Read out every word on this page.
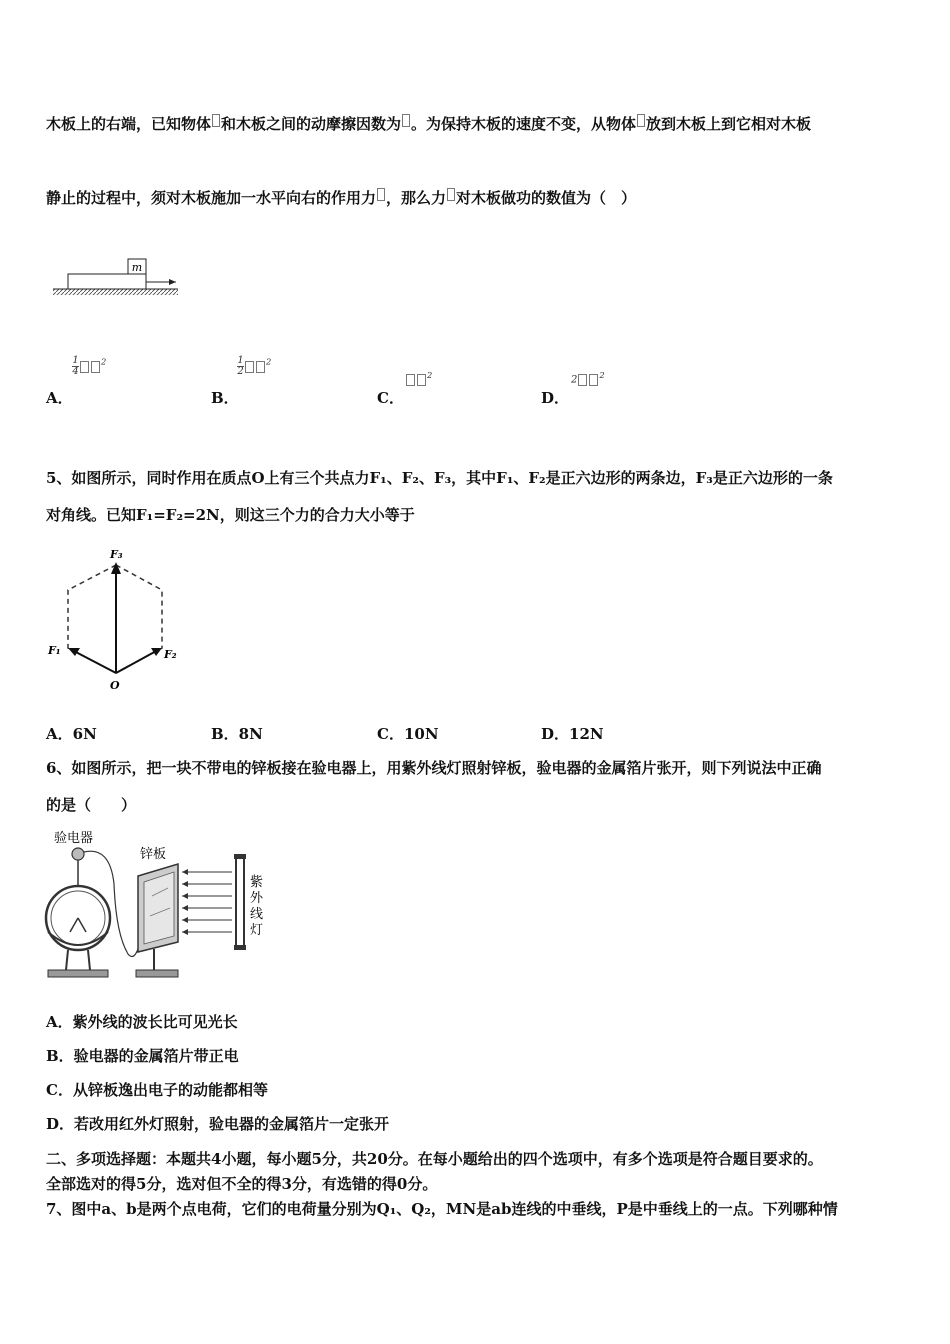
木板上的右端，已知物体 和木板之间的动摩擦因数为 。为保持木板的速度不变，从物体 放到木板上到它相对木板
静止的过程中，须对木板施加一水平向右的作用力 ，那么力 对木板做功的数值为（　）
m
A．
$\frac{1}{4}$	$^2$
B．
$\frac{1}{2}$	$^2$
C．
$^2$
D．
2	$^2$
5、如图所示，同时作用在质点O上有三个共点力F₁、F₂、F₃，其中F₁、F₂是正六边形的两条边，F₃是正六边形的一条
对角线。已知F₁=F₂=2N，则这三个力的合力大小等于
F₃
F₁	F₂
O
A．6N	B．8N	C．10N	D．12N
6、如图所示，把一块不带电的锌板接在验电器上，用紫外线灯照射锌板，验电器的金属箔片张开，则下列说法中正确
的是（　　）
验电器
锌板
紫
外
线
灯
A．紫外线的波长比可见光长
B．验电器的金属箔片带正电
C．从锌板逸出电子的动能都相等
D．若改用红外灯照射，验电器的金属箔片一定张开
二、多项选择题：本题共4小题，每小题5分，共20分。在每小题给出的四个选项中，有多个选项是符合题目要求的。
全部选对的得5分，选对但不全的得3分，有选错的得0分。
7、图中a、b是两个点电荷，它们的电荷量分别为Q₁、Q₂，MN是ab连线的中垂线，P是中垂线上的一点。下列哪种情
